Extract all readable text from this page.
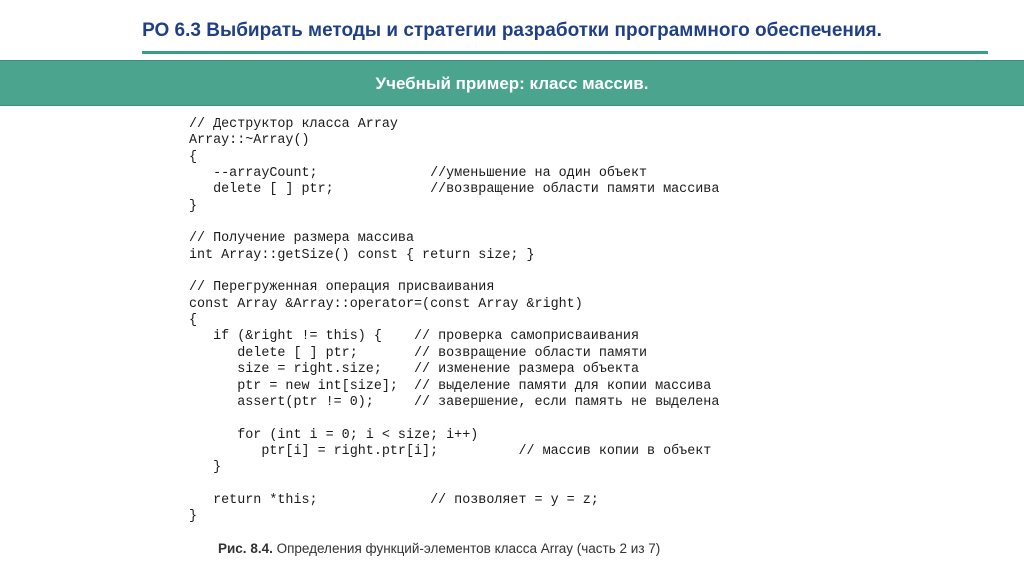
РО 6.3 Выбирать методы и стратегии разработки программного обеспечения.
Учебный пример: класс массив.
// Деструктор класса Array
Array::~Array()
{
--arrayCount;              //уменьшение на один объект
delete [ ] ptr;            //возвращение области памяти массива
}
// Получение размера массива
int Array::getSize() const { return size; }
// Перегруженная операция присваивания
const Array &Array::operator=(const Array &right)
{
if (&right != this) {    // проверка самоприсваивания
delete [ ] ptr;       // возвращение области памяти
size = right.size;    // изменение размера объекта
ptr = new int[size];  // выделение памяти для копии массива
assert(ptr != 0);     // завершение, если память не выделена
for (int i = 0; i < size; i++)
ptr[i] = right.ptr[i];          // массив копии в объект
}
return *this;              // позволяет = y = z;
}
Рис. 8.4. Определения функций-элементов класса Array (часть 2 из 7)
